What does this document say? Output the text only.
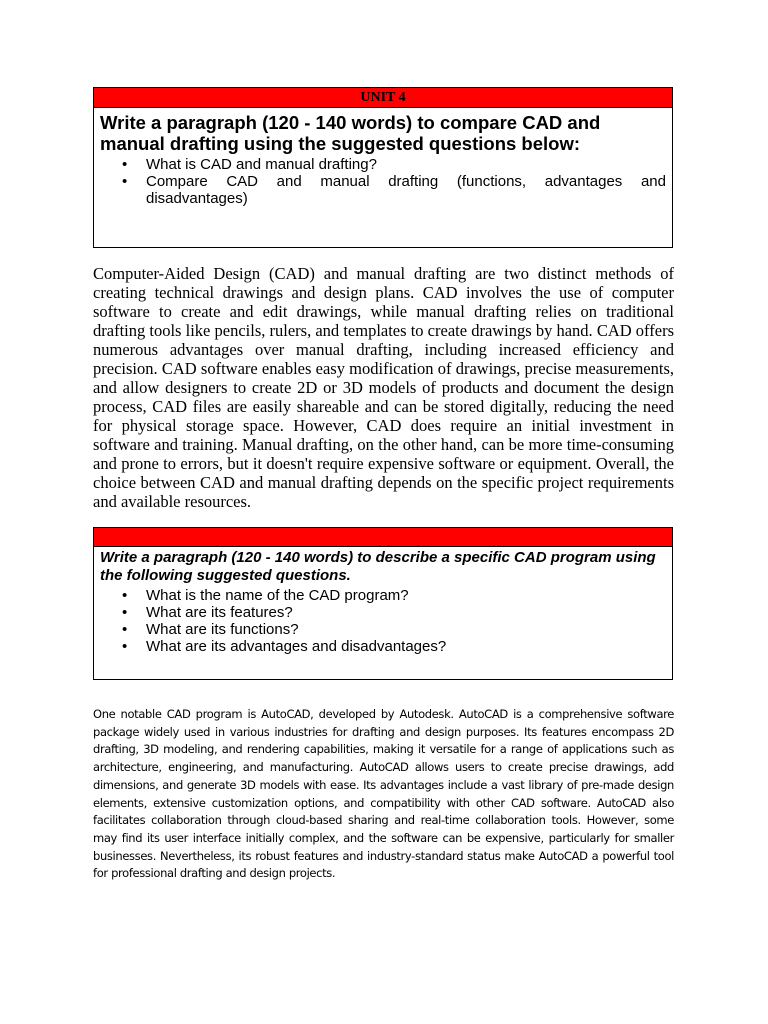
UNIT 4

Write a paragraph (120 - 140 words) to compare CAD and manual drafting using the suggested questions below:

• What is CAD and manual drafting?
• Compare CAD and manual drafting (functions, advantages and disadvantages)

Computer-Aided Design (CAD) and manual drafting are two distinct methods of creating technical drawings and design plans. CAD involves the use of computer software to create and edit drawings, while manual drafting relies on traditional drafting tools like pencils, rulers, and templates to create drawings by hand. CAD offers numerous advantages over manual drafting, including increased efficiency and precision. CAD software enables easy modification of drawings, precise measurements, and allow designers to create 2D or 3D models of products and document the design process, CAD files are easily shareable and can be stored digitally, reducing the need for physical storage space. However, CAD does require an initial investment in software and training. Manual drafting, on the other hand, can be more time-consuming and prone to errors, but it doesn't require expensive software or equipment. Overall, the choice between CAD and manual drafting depends on the specific project requirements and available resources.

Write a paragraph (120 - 140 words) to describe a specific CAD program using the following suggested questions.

• What is the name of the CAD program?
• What are its features?
• What are its functions?
• What are its advantages and disadvantages?

One notable CAD program is AutoCAD, developed by Autodesk. AutoCAD is a comprehensive software package widely used in various industries for drafting and design purposes. Its features encompass 2D drafting, 3D modeling, and rendering capabilities, making it versatile for a range of applications such as architecture, engineering, and manufacturing. AutoCAD allows users to create precise drawings, add dimensions, and generate 3D models with ease. Its advantages include a vast library of pre-made design elements, extensive customization options, and compatibility with other CAD software. AutoCAD also facilitates collaboration through cloud-based sharing and real-time collaboration tools. However, some may find its user interface initially complex, and the software can be expensive, particularly for smaller businesses. Nevertheless, its robust features and industry-standard status make AutoCAD a powerful tool for professional drafting and design projects.
